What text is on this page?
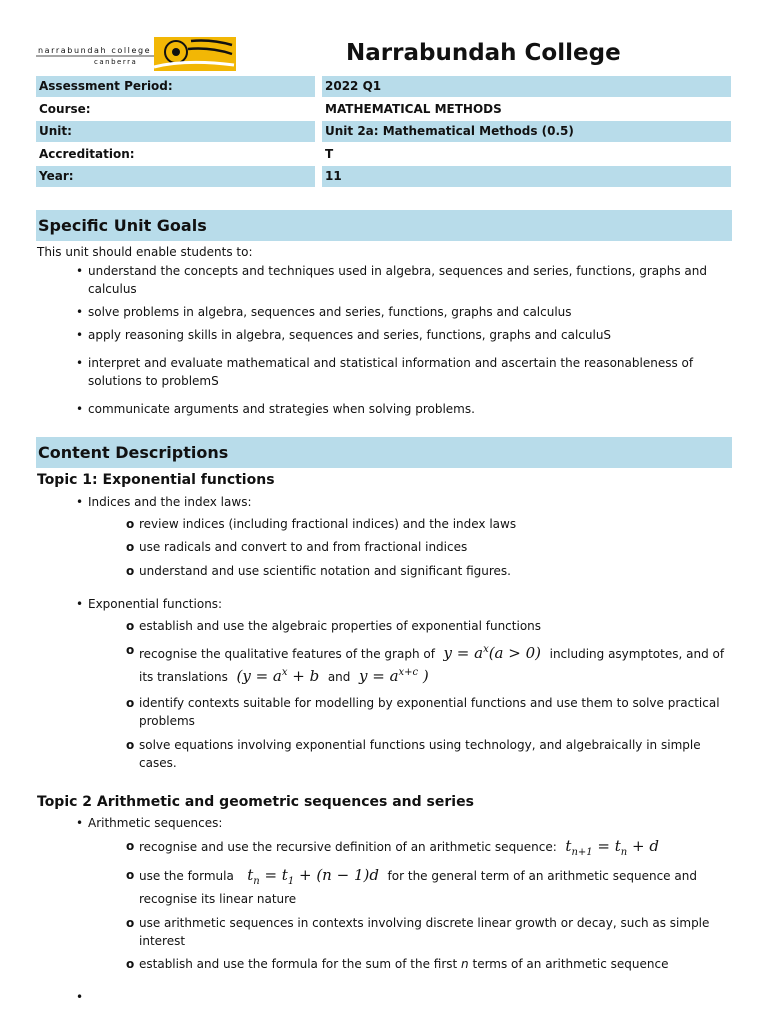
narrabundah college
canberra	Narrabundah College
Assessment Period:	2022 Q1
Course:	MATHEMATICAL METHODS
Unit:	Unit 2a: Mathematical Methods (0.5)
Accreditation:	T
Year:	11
Specific Unit Goals
This unit should enable students to:
• understand the concepts and techniques used in algebra, sequences and series, functions, graphs and calculus
• solve problems in algebra, sequences and series, functions, graphs and calculus
• apply reasoning skills in algebra, sequences and series, functions, graphs and calculuS
• interpret and evaluate mathematical and statistical information and ascertain the reasonableness of solutions to problemS
• communicate arguments and strategies when solving problems.
Content Descriptions
Topic 1: Exponential functions
• Indices and the index laws:
o review indices (including fractional indices) and the index laws
o use radicals and convert to and from fractional indices
o understand and use scientific notation and significant figures.
• Exponential functions:
o establish and use the algebraic properties of exponential functions
o recognise the qualitative features of the graph of  $y = a^x(a > 0)$  including asymptotes, and of
its translations  ($y = a^x + b$  and  $y = a^{x+c}$ )
o identify contexts suitable for modelling by exponential functions and use them to solve practical problems
o solve equations involving exponential functions using technology, and algebraically in simple cases.
Topic 2 Arithmetic and geometric sequences and series
• Arithmetic sequences:
o recognise and use the recursive definition of an arithmetic sequence:  $t_{n+1} = t_n + d$
o use the formula   $t_n = t_1 + (n - 1)d$  for the general term of an arithmetic sequence and
recognise its linear nature
o use arithmetic sequences in contexts involving discrete linear growth or decay, such as simple interest
o establish and use the formula for the sum of the first n terms of an arithmetic sequence
•
